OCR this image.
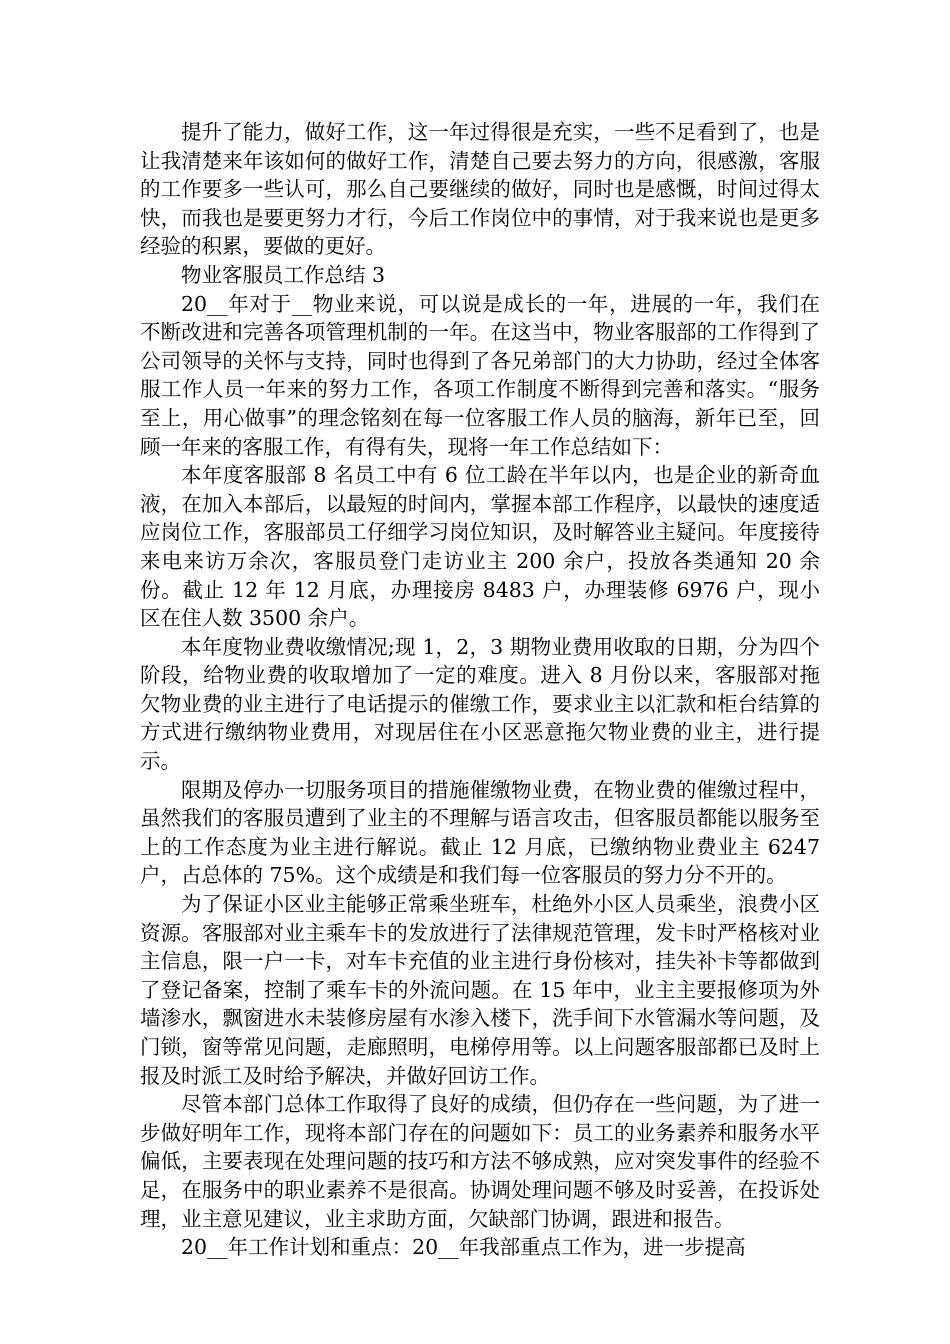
提升了能力，做好工作，这一年过得很是充实，一些不足看到了，也是让我清楚来年该如何的做好工作，清楚自己要去努力的方向，很感激，客服的工作要多一些认可，那么自己要继续的做好，同时也是感慨，时间过得太快，而我也是要更努力才行，今后工作岗位中的事情，对于我来说也是更多经验的积累，要做的更好。

物业客服员工作总结 3

20__年对于__物业来说，可以说是成长的一年，进展的一年，我们在不断改进和完善各项管理机制的一年。在这当中，物业客服部的工作得到了公司领导的关怀与支持，同时也得到了各兄弟部门的大力协助，经过全体客服工作人员一年来的努力工作，各项工作制度不断得到完善和落实。“服务至上，用心做事”的理念铭刻在每一位客服工作人员的脑海，新年已至，回顾一年来的客服工作，有得有失，现将一年工作总结如下：

本年度客服部 8 名员工中有 6 位工龄在半年以内，也是企业的新奇血液，在加入本部后，以最短的时间内，掌握本部工作程序，以最快的速度适应岗位工作，客服部员工仔细学习岗位知识，及时解答业主疑问。年度接待来电来访万余次，客服员登门走访业主 200 余户，投放各类通知 20 余份。截止 12 年 12 月底，办理接房 8483 户，办理装修 6976 户，现小区在住人数 3500 余户。

本年度物业费收缴情况;现 1，2，3 期物业费用收取的日期，分为四个阶段，给物业费的收取增加了一定的难度。进入 8 月份以来，客服部对拖欠物业费的业主进行了电话提示的催缴工作，要求业主以汇款和柜台结算的方式进行缴纳物业费用，对现居住在小区恶意拖欠物业费的业主，进行提示。

限期及停办一切服务项目的措施催缴物业费，在物业费的催缴过程中，虽然我们的客服员遭到了业主的不理解与语言攻击，但客服员都能以服务至上的工作态度为业主进行解说。截止 12 月底，已缴纳物业费业主 6247 户，占总体的 75%。这个成绩是和我们每一位客服员的努力分不开的。

为了保证小区业主能够正常乘坐班车，杜绝外小区人员乘坐，浪费小区资源。客服部对业主乘车卡的发放进行了法律规范管理，发卡时严格核对业主信息，限一户一卡，对车卡充值的业主进行身份核对，挂失补卡等都做到了登记备案，控制了乘车卡的外流问题。在 15 年中，业主主要报修项为外墙渗水，飘窗进水未装修房屋有水渗入楼下，洗手间下水管漏水等问题，及门锁，窗等常见问题，走廊照明，电梯停用等。以上问题客服部都已及时上报及时派工及时给予解决，并做好回访工作。

尽管本部门总体工作取得了良好的成绩，但仍存在一些问题，为了进一步做好明年工作，现将本部门存在的问题如下：员工的业务素养和服务水平偏低，主要表现在处理问题的技巧和方法不够成熟，应对突发事件的经验不足，在服务中的职业素养不是很高。协调处理问题不够及时妥善，在投诉处理，业主意见建议，业主求助方面，欠缺部门协调，跟进和报告。

20__年工作计划和重点：20__年我部重点工作为，进一步提高
